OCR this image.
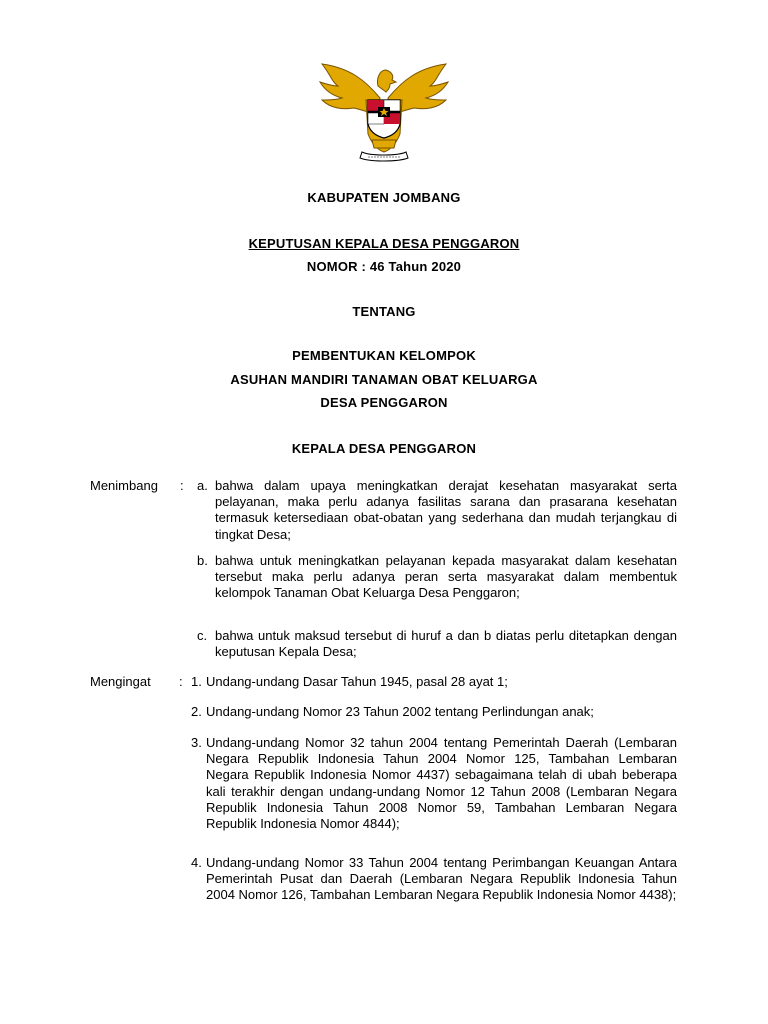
KABUPATEN JOMBANG
KEPUTUSAN KEPALA DESA PENGGARON
NOMOR : 46 Tahun 2020
TENTANG
PEMBENTUKAN KELOMPOK
ASUHAN MANDIRI TANAMAN OBAT KELUARGA
DESA PENGGARON
KEPALA DESA PENGGARON
Menimbang : a. bahwa dalam upaya meningkatkan derajat kesehatan masyarakat serta pelayanan, maka perlu adanya fasilitas sarana dan prasarana kesehatan termasuk ketersediaan obat-obatan yang sederhana dan mudah terjangkau di tingkat Desa;
b. bahwa untuk meningkatkan pelayanan kepada masyarakat dalam kesehatan tersebut maka perlu adanya peran serta masyarakat dalam membentuk kelompok Tanaman Obat Keluarga Desa Penggaron;
c. bahwa untuk maksud tersebut di huruf a dan b diatas perlu ditetapkan dengan keputusan Kepala Desa;
Mengingat : 1. Undang-undang Dasar Tahun 1945, pasal 28 ayat 1;
2. Undang-undang Nomor 23 Tahun 2002 tentang Perlindungan anak;
3. Undang-undang Nomor 32 tahun 2004 tentang Pemerintah Daerah (Lembaran Negara Republik Indonesia Tahun 2004 Nomor 125, Tambahan Lembaran Negara Republik Indonesia Nomor 4437) sebagaimana telah di ubah beberapa kali terakhir dengan undang-undang Nomor 12 Tahun 2008 (Lembaran Negara Republik Indonesia Tahun 2008 Nomor 59, Tambahan Lembaran Negara Republik Indonesia Nomor 4844);
4. Undang-undang Nomor 33 Tahun 2004 tentang Perimbangan Keuangan Antara Pemerintah Pusat dan Daerah (Lembaran Negara Republik Indonesia Tahun 2004 Nomor 126, Tambahan Lembaran Negara Republik Indonesia Nomor 4438);
